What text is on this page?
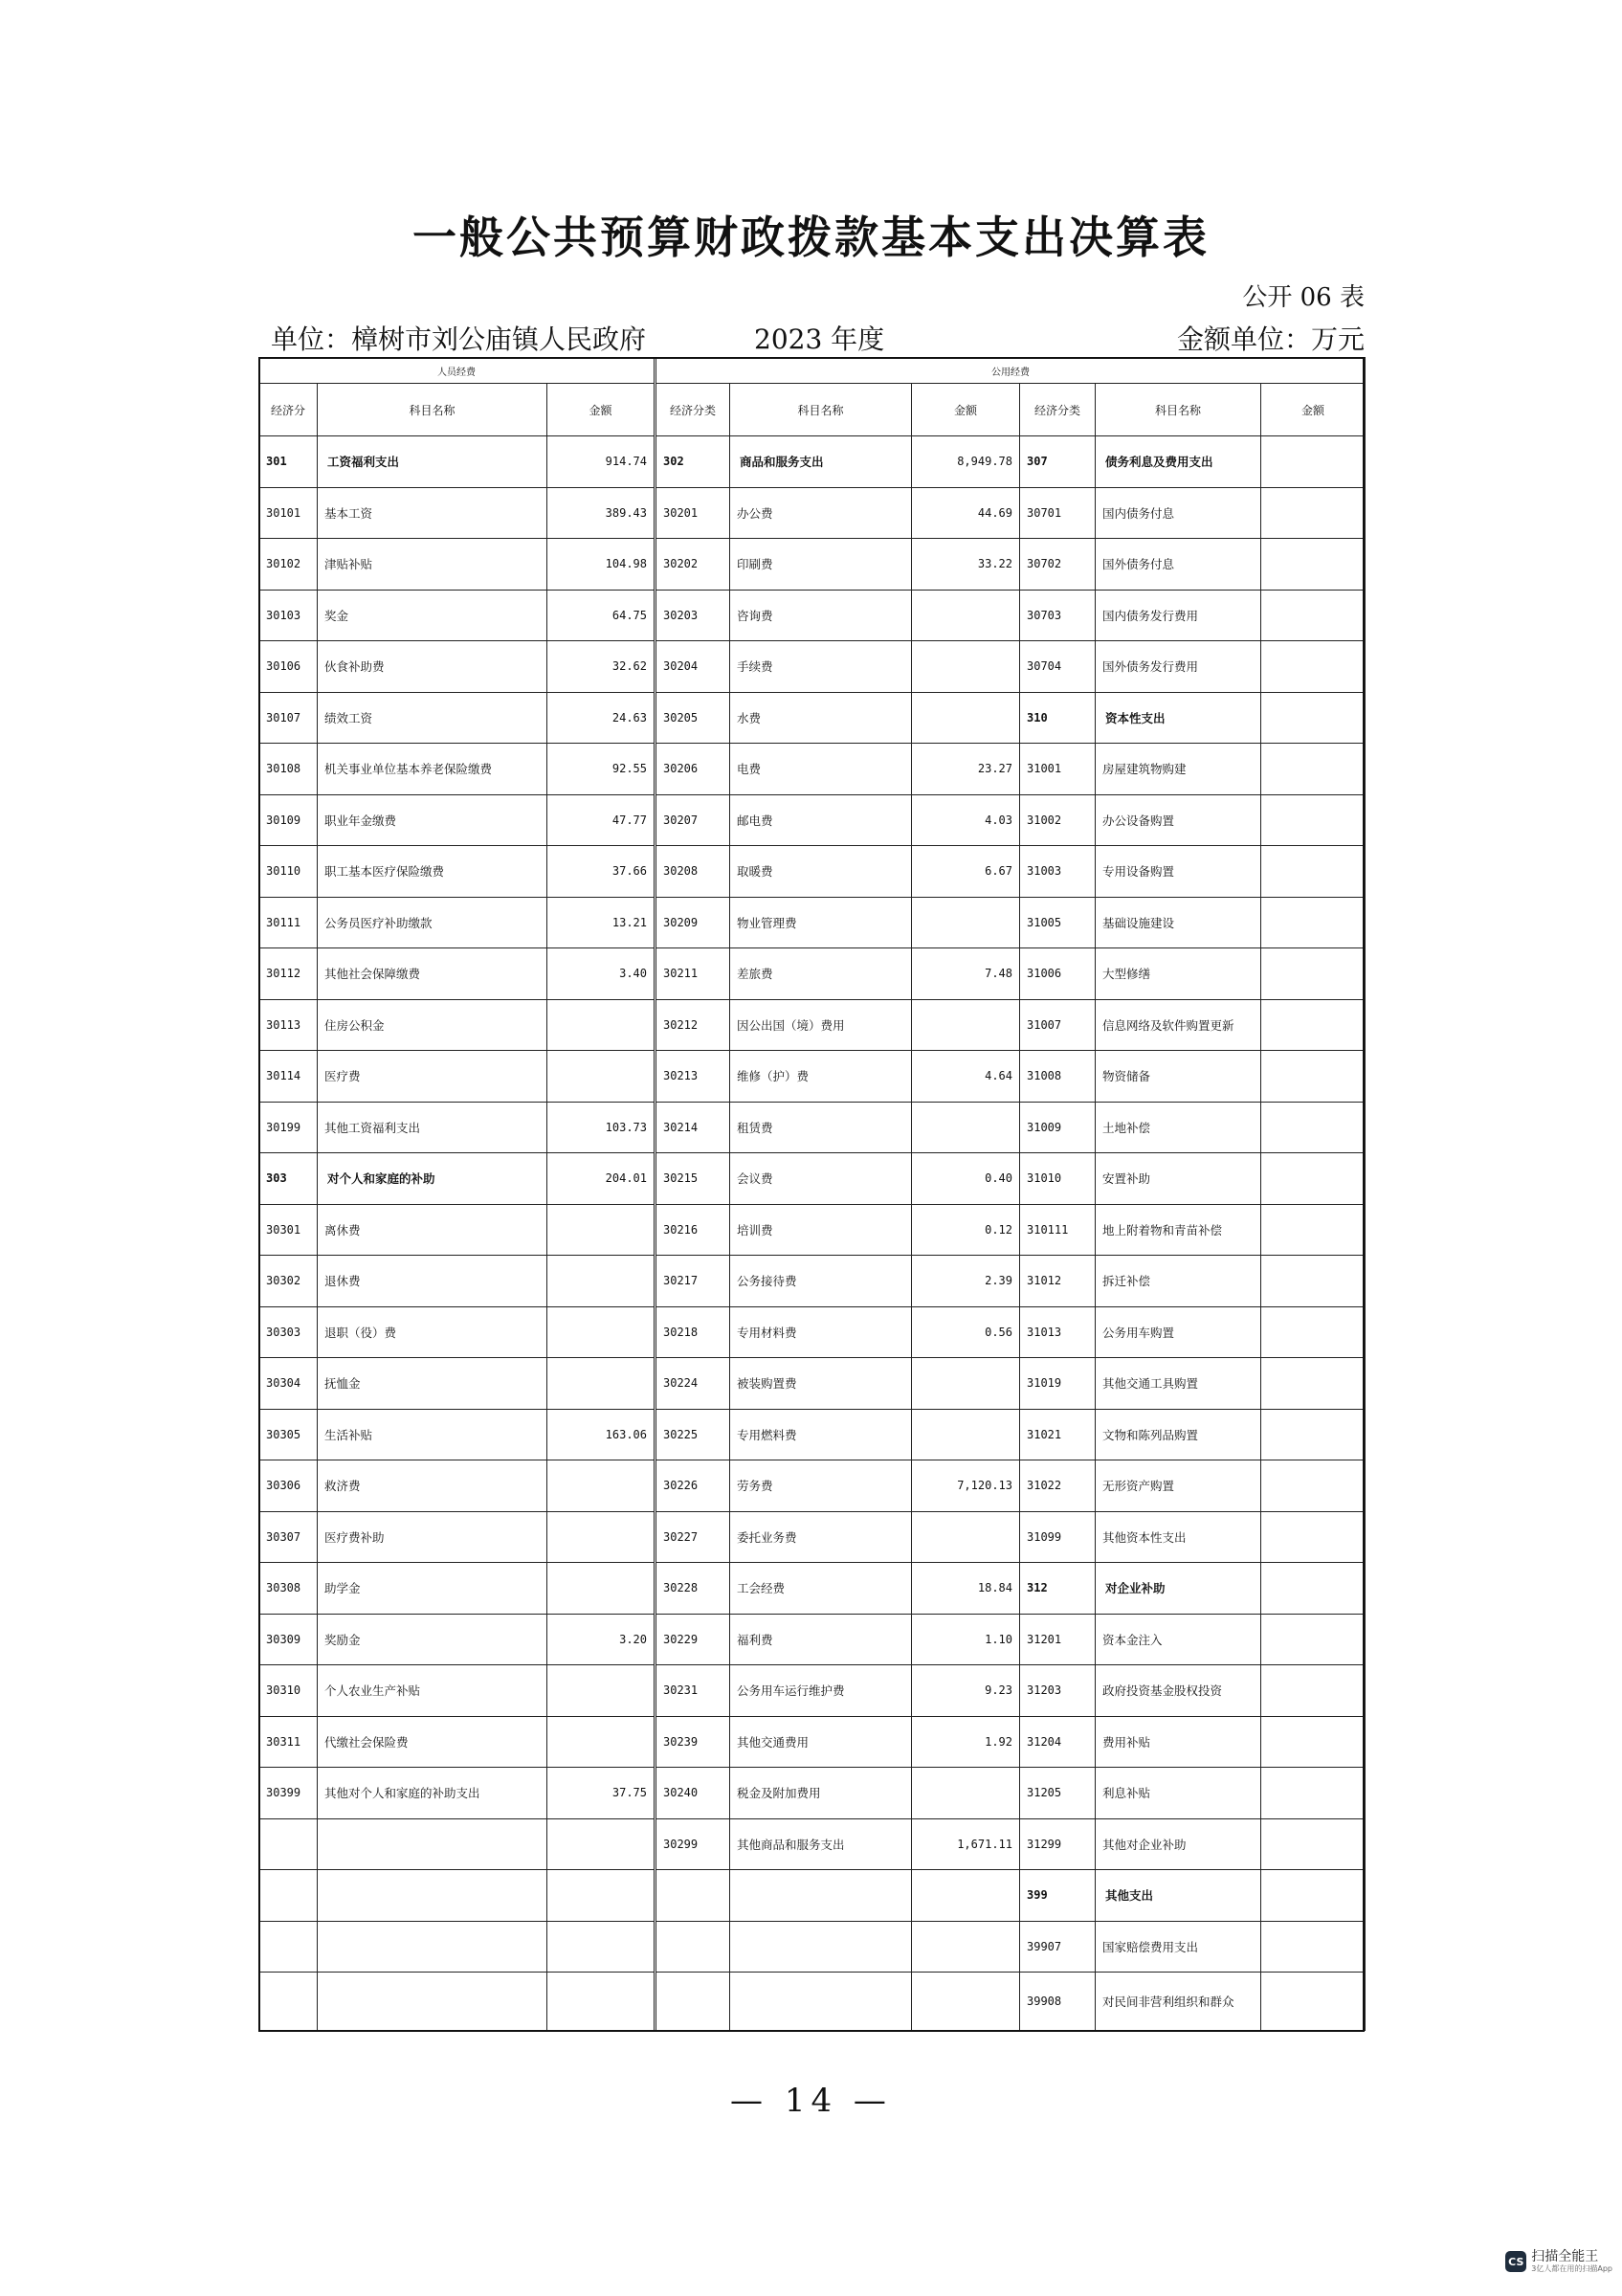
一般公共预算财政拨款基本支出决算表
公开 06 表
单位：樟树市刘公庙镇人民政府	2023 年度	金额单位：万元
人员经费			公用经费					
经济分	科目名称	金额	经济分类	科目名称	金额	经济分类	科目名称	金额
301	工资福利支出	914.74	302	商品和服务支出	8,949.78	307	债务利息及费用支出	
30101	基本工资	389.43	30201	办公费	44.69	30701	国内债务付息	
30102	津贴补贴	104.98	30202	印刷费	33.22	30702	国外债务付息	
30103	奖金	64.75	30203	咨询费		30703	国内债务发行费用	
30106	伙食补助费	32.62	30204	手续费		30704	国外债务发行费用	
30107	绩效工资	24.63	30205	水费		310	资本性支出	
30108	机关事业单位基本养老保险缴费	92.55	30206	电费	23.27	31001	房屋建筑物购建	
30109	职业年金缴费	47.77	30207	邮电费	4.03	31002	办公设备购置	
30110	职工基本医疗保险缴费	37.66	30208	取暖费	6.67	31003	专用设备购置	
30111	公务员医疗补助缴款	13.21	30209	物业管理费		31005	基础设施建设	
30112	其他社会保障缴费	3.40	30211	差旅费	7.48	31006	大型修缮	
30113	住房公积金		30212	因公出国（境）费用		31007	信息网络及软件购置更新	
30114	医疗费		30213	维修（护）费	4.64	31008	物资储备	
30199	其他工资福利支出	103.73	30214	租赁费		31009	土地补偿	
303	对个人和家庭的补助	204.01	30215	会议费	0.40	31010	安置补助	
30301	离休费		30216	培训费	0.12	310111	地上附着物和青苗补偿	
30302	退休费		30217	公务接待费	2.39	31012	拆迁补偿	
30303	退职（役）费		30218	专用材料费	0.56	31013	公务用车购置	
30304	抚恤金		30224	被装购置费		31019	其他交通工具购置	
30305	生活补贴	163.06	30225	专用燃料费		31021	文物和陈列品购置	
30306	救济费		30226	劳务费	7,120.13	31022	无形资产购置	
30307	医疗费补助		30227	委托业务费		31099	其他资本性支出	
30308	助学金		30228	工会经费	18.84	312	对企业补助	
30309	奖励金	3.20	30229	福利费	1.10	31201	资本金注入	
30310	个人农业生产补贴		30231	公务用车运行维护费	9.23	31203	政府投资基金股权投资	
30311	代缴社会保险费		30239	其他交通费用	1.92	31204	费用补贴	
30399	其他对个人和家庭的补助支出	37.75	30240	税金及附加费用		31205	利息补贴	
			30299	其他商品和服务支出	1,671.11	31299	其他对企业补助	
						399	其他支出	
						39907	国家赔偿费用支出	
						39908	对民间非营利组织和群众	
— 14 —
CS 扫描全能王
3亿人都在用的扫描App
